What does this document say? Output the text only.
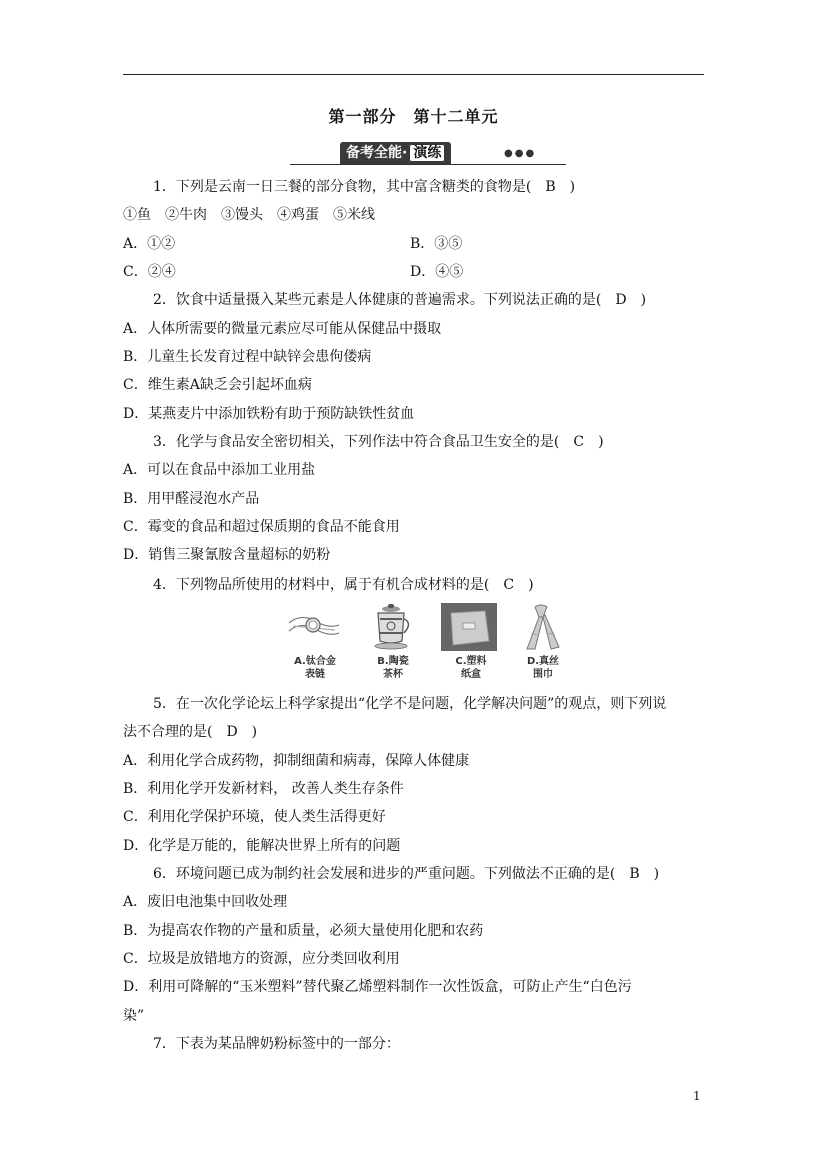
第一部分　第十二单元
备考全能· 演练	●●●
1．下列是云南一日三餐的部分食物，其中富含糖类的食物是(　B　)
①鱼　②牛肉　③馒头　④鸡蛋　⑤米线
A．①②	B．③⑤
C．②④	D．④⑤
2．饮食中适量摄入某些元素是人体健康的普遍需求。下列说法正确的是(　D　)
A．人体所需要的微量元素应尽可能从保健品中摄取
B．儿童生长发育过程中缺锌会患佝偻病
C．维生素A缺乏会引起坏血病
D．某燕麦片中添加铁粉有助于预防缺铁性贫血
3．化学与食品安全密切相关，下列作法中符合食品卫生安全的是(　C　)
A．可以在食品中添加工业用盐
B．用甲醛浸泡水产品
C．霉变的食品和超过保质期的食品不能食用
D．销售三聚氰胺含量超标的奶粉
4．下列物品所使用的材料中，属于有机合成材料的是(　C　)
A.钛合金
表链
B.陶瓷
茶杯
C.塑料
纸盒
D.真丝
围巾
5．在一次化学论坛上科学家提出“化学不是问题，化学解决问题”的观点，则下列说
法不合理的是(　D　)
A．利用化学合成药物，抑制细菌和病毒，保障人体健康
B．利用化学开发新材料， 改善人类生存条件
C．利用化学保护环境，使人类生活得更好
D．化学是万能的，能解决世界上所有的问题
6．环境问题已成为制约社会发展和进步的严重问题。下列做法不正确的是(　B　)
A．废旧电池集中回收处理
B．为提高农作物的产量和质量，必须大量使用化肥和农药
C．垃圾是放错地方的资源，应分类回收利用
D．利用可降解的“玉米塑料”替代聚乙烯塑料制作一次性饭盒，可防止产生“白色污
染”
7．下表为某品牌奶粉标签中的一部分：
1
